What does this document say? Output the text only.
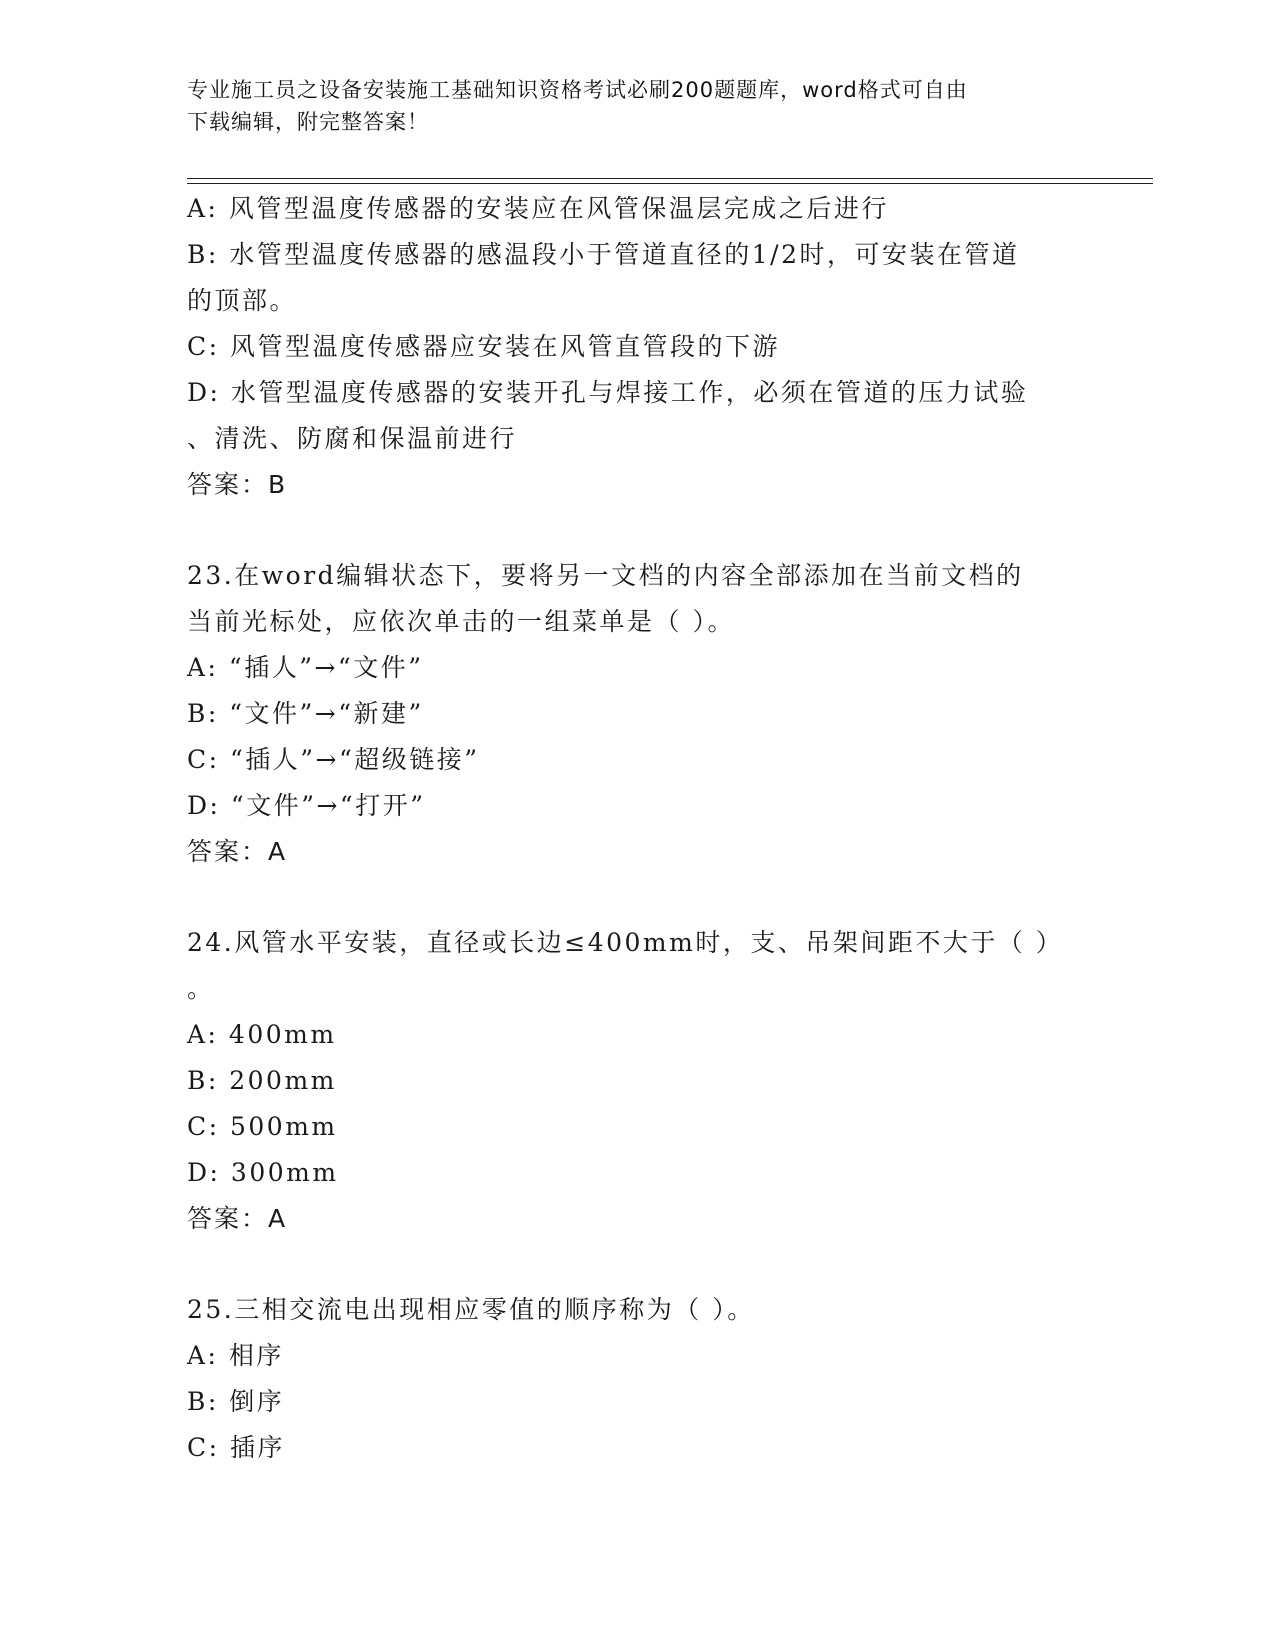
专业施工员之设备安装施工基础知识资格考试必刷200题题库，word格式可自由
下载编辑，附完整答案！
A: 风管型温度传感器的安装应在风管保温层完成之后进行
B: 水管型温度传感器的感温段小于管道直径的1/2时，可安装在管道
的顶部。
C: 风管型温度传感器应安装在风管直管段的下游
D: 水管型温度传感器的安装开孔与焊接工作，必须在管道的压力试验
、清洗、防腐和保温前进行
答案：B
23.在word编辑状态下，要将另一文档的内容全部添加在当前文档的
当前光标处，应依次单击的一组菜单是（ ）。
A: “插人”→“文件”
B: “文件”→“新建”
C: “插人”→“超级链接”
D: “文件”→“打开”
答案：A
24.风管水平安装，直径或长边≤400mm时，支、吊架间距不大于（ ）
。
A: 400mm
B: 200mm
C: 500mm
D: 300mm
答案：A
25.三相交流电出现相应零值的顺序称为（ ）。
A: 相序
B: 倒序
C: 插序
